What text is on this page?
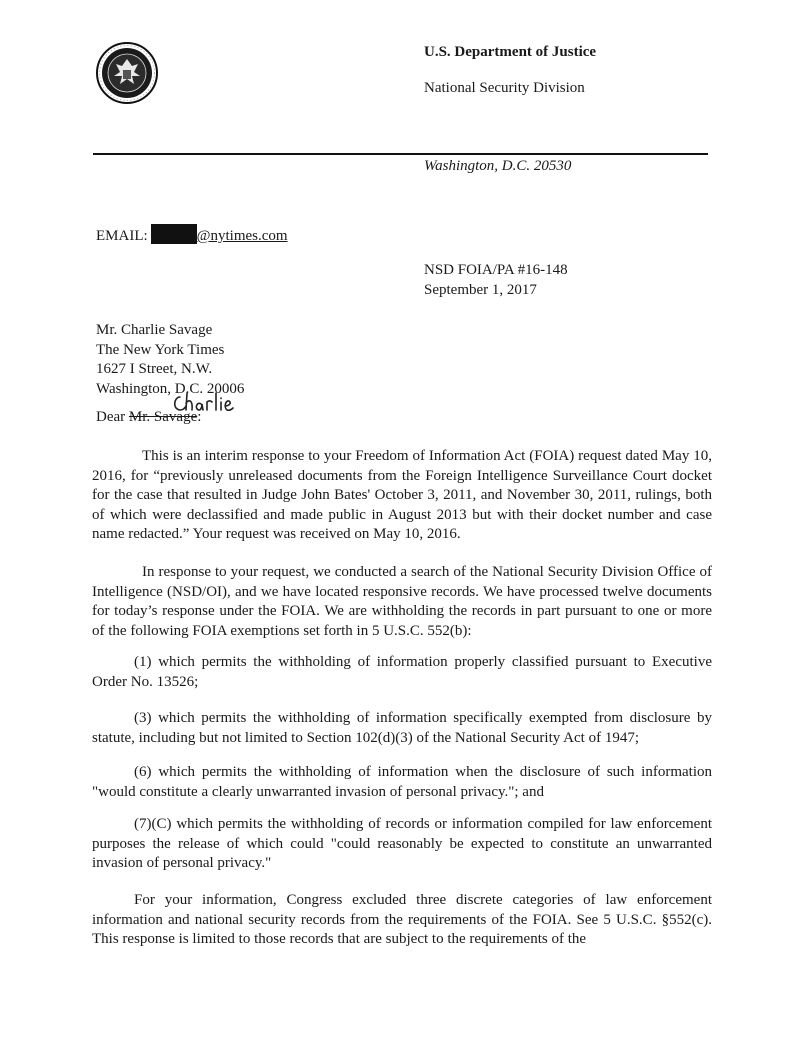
U.S. Department of Justice
National Security Division
Washington, D.C. 20530
EMAIL:	@nytimes.com
NSD FOIA/PA #16-148
September 1, 2017
Mr. Charlie Savage
The New York Times
1627 I Street, N.W.
Washington, D.C. 20006
Dear Mr. Savage:

This is an interim response to your Freedom of Information Act (FOIA) request dated May 10, 2016, for “previously unreleased documents from the Foreign Intelligence Surveillance Court docket for the case that resulted in Judge John Bates' October 3, 2011, and November 30, 2011, rulings, both of which were declassified and made public in August 2013 but with their docket number and case name redacted.” Your request was received on May 10, 2016.

In response to your request, we conducted a search of the National Security Division Office of Intelligence (NSD/OI), and we have located responsive records. We have processed twelve documents for today’s response under the FOIA. We are withholding the records in part pursuant to one or more of the following FOIA exemptions set forth in 5 U.S.C. 552(b):

(1) which permits the withholding of information properly classified pursuant to Executive Order No. 13526;

(3) which permits the withholding of information specifically exempted from disclosure by statute, including but not limited to Section 102(d)(3) of the National Security Act of 1947;

(6) which permits the withholding of information when the disclosure of such information "would constitute a clearly unwarranted invasion of personal privacy."; and

(7)(C) which permits the withholding of records or information compiled for law enforcement purposes the release of which could "could reasonably be expected to constitute an unwarranted invasion of personal privacy."

For your information, Congress excluded three discrete categories of law enforcement information and national security records from the requirements of the FOIA. See 5 U.S.C. §552(c). This response is limited to those records that are subject to the requirements of the
